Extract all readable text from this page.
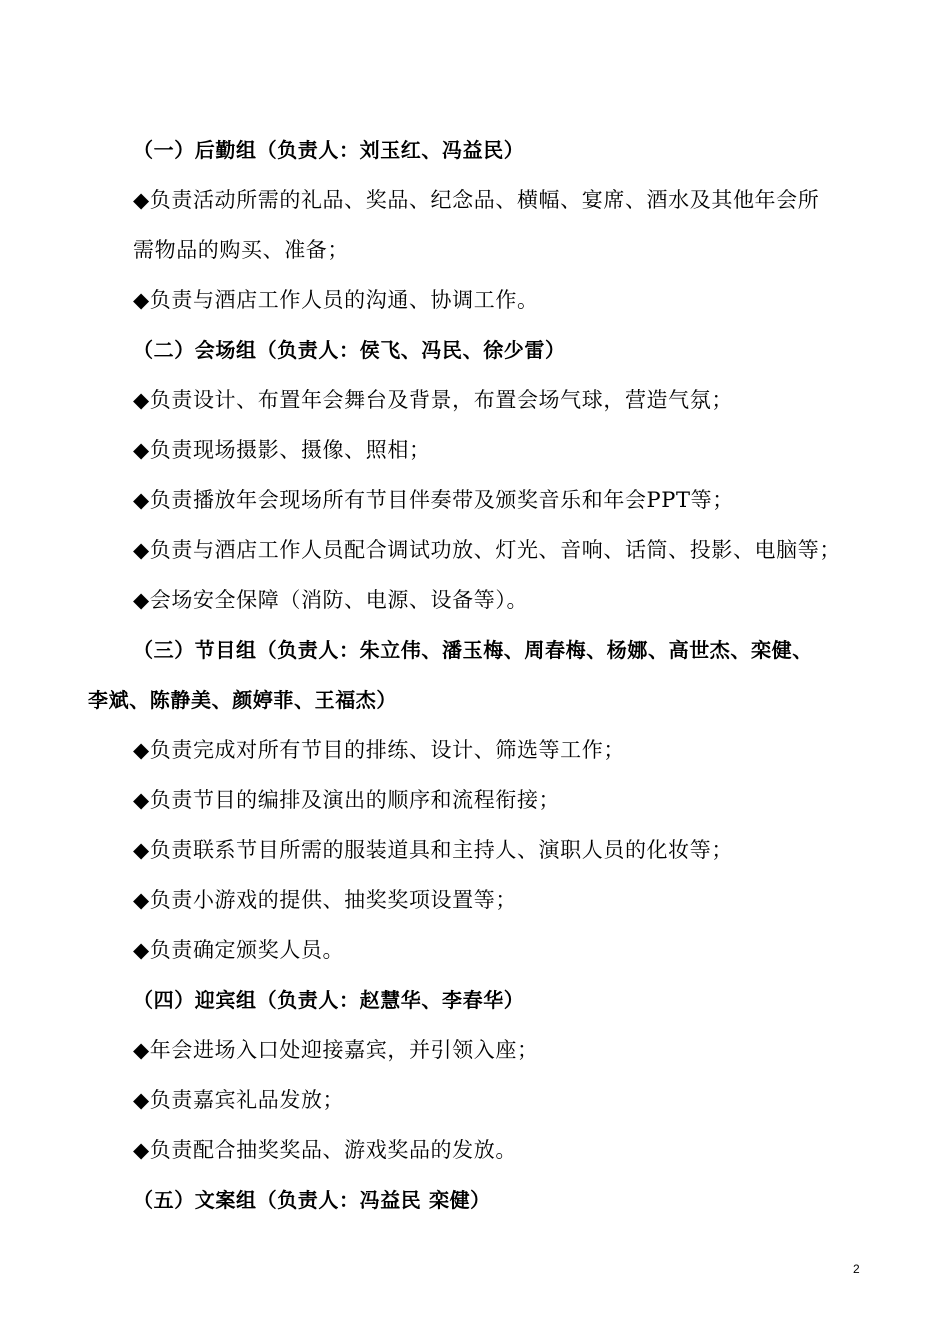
（一）后勤组（负责人：刘玉红、冯益民）
◆负责活动所需的礼品、奖品、纪念品、横幅、宴席、酒水及其他年会所
需物品的购买、准备；
◆负责与酒店工作人员的沟通、协调工作。
（二）会场组（负责人：侯飞、冯民、徐少雷）
◆负责设计、布置年会舞台及背景，布置会场气球，营造气氛；
◆负责现场摄影、摄像、照相；
◆负责播放年会现场所有节目伴奏带及颁奖音乐和年会PPT等；
◆负责与酒店工作人员配合调试功放、灯光、音响、话筒、投影、电脑等；
◆会场安全保障（消防、电源、设备等）。
（三）节目组（负责人：朱立伟、潘玉梅、周春梅、杨娜、高世杰、栾健、
李斌、陈静美、颜婷菲、王福杰）
◆负责完成对所有节目的排练、设计、筛选等工作；
◆负责节目的编排及演出的顺序和流程衔接；
◆负责联系节目所需的服装道具和主持人、演职人员的化妆等；
◆负责小游戏的提供、抽奖奖项设置等；
◆负责确定颁奖人员。
（四）迎宾组（负责人：赵慧华、李春华）
◆年会进场入口处迎接嘉宾，并引领入座；
◆负责嘉宾礼品发放；
◆负责配合抽奖奖品、游戏奖品的发放。
（五）文案组（负责人：冯益民 栾健）
2
